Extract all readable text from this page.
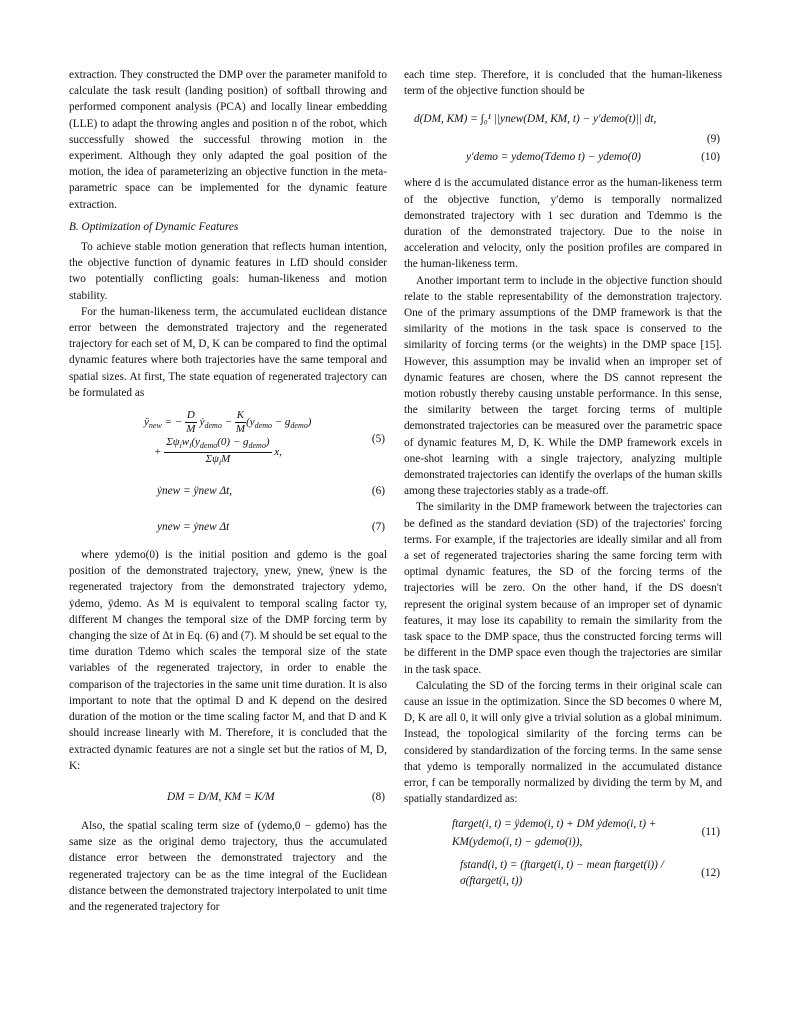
extraction. They constructed the DMP over the parameter manifold to calculate the task result (landing position) of softball throwing and performed component analysis (PCA) and locally linear embedding (LLE) to adapt the throwing angles and position n of the robot, which successfully showed the successful throwing motion in the experiment. Although they only adapted the goal position of the motion, the idea of parameterizing an objective function in the meta-parametric space can be implemented for the dynamic feature extraction.

B. Optimization of Dynamic Features

To achieve stable motion generation that reflects human intention, the objective function of dynamic features in LfD should consider two potentially conflicting goals: human-likeness and motion stability.

For the human-likeness term, the accumulated euclidean distance error between the demonstrated trajectory and the regenerated trajectory for each set of M, D, K can be compared to find the optimal dynamic features where both trajectories have the same temporal and spatial sizes. At first, The state equation of regenerated trajectory can be formulated as

$ÿ_{new}$ = − $\frac{D}{M}$ ẏ$_{demo}$ − $\frac{K}{M} (y_{demo} - g_{demo})$
+
$\Sigma\psi_iw_i(y_{demo}(0) - g_{demo})$
$\Sigma\psi_iM$
x,
(5)
ẏnew = ÿnew Δt,	(6)
ynew = ẏnew Δt	(7)

where ydemo(0) is the initial position and gdemo is the goal position of the demonstrated trajectory, ynew, ẏnew, ÿnew is the regenerated trajectory from the demonstrated trajectory ydemo, ẏdemo, ÿdemo. As M is equivalent to temporal scaling factor τy, different M changes the temporal size of the DMP forcing term by changing the size of Δt in Eq. (6) and (7). M should be set equal to the time duration Tdemo which scales the temporal size of the state variables of the regenerated trajectory, in order to enable the comparison of the trajectories in the same unit time duration. It is also important to note that the optimal D and K depend on the desired duration of the motion or the time scaling factor M, and that D and K should increase linearly with M. Therefore, it is concluded that the extracted dynamic features are not a single set but the ratios of M, D, K:

DM = D/M, KM = K/M	(8)

Also, the spatial scaling term size of (ydemo,0 − gdemo) has the same size as the original demo trajectory, thus the accumulated distance error between the demonstrated trajectory and the regenerated trajectory can be as the time integral of the Euclidean distance between the demonstrated trajectory interpolated to unit time and the regenerated trajectory for

each time step. Therefore, it is concluded that the human-likeness term of the objective function should be

d(DM, KM) = ∫₀¹ ||ynew(DM, KM, t) − y′demo(t)|| dt,
(9)
y′demo = ydemo(Tdemo t) − ydemo(0)	(10)

where d is the accumulated distance error as the human-likeness term of the objective function, y′demo is temporally normalized demonstrated trajectory with 1 sec duration and Tdemmo is the duration of the demonstrated trajectory. Due to the noise in acceleration and velocity, only the position profiles are compared in the human-likeness term.

Another important term to include in the objective function should relate to the stable representability of the demonstration trajectory. One of the primary assumptions of the DMP framework is that the similarity of the motions in the task space is conserved to the similarity of forcing terms (or the weights) in the DMP space [15]. However, this assumption may be invalid when an improper set of dynamic features are chosen, where the DS cannot represent the motion robustly thereby causing unstable performance. In this sense, the similarity between the target forcing terms of multiple demonstrated trajectories can be measured over the parametric space of dynamic features M, D, K. While the DMP framework excels in one-shot learning with a single trajectory, analyzing multiple demonstrated trajectories can identify the overlaps of the human skills among these trajectories stably as a trade-off.

The similarity in the DMP framework between the trajectories can be defined as the standard deviation (SD) of the trajectories' forcing terms. For example, if the trajectories are ideally similar and all from a set of regenerated trajectories sharing the same forcing term with optimal dynamic features, the SD of the forcing terms of the trajectories will be zero. On the other hand, if the DS doesn't represent the original system because of an improper set of dynamic features, it may lose its capability to remain the similarity from the task space to the DMP space, thus the constructed forcing terms will be different in the DMP space even though the trajectories are similar in the task space.

Calculating the SD of the forcing terms in their original scale can cause an issue in the optimization. Since the SD becomes 0 where M, D, K are all 0, it will only give a trivial solution as a global minimum. Instead, the topological similarity of the forcing terms can be considered by standardization of the forcing terms. In the same sense that ydemo is temporally normalized in the accumulated distance error, f can be temporally normalized by dividing the term by M, and spatially standardized as:

ftarget(i, t) = ÿdemo(i, t) + DM ẏdemo(i, t) + KM(ydemo(i, t) − gdemo(i)),
(11)
fstand(i, t) = (ftarget(i, t) − mean ftarget(i)) / σ(ftarget(i, t))
(12)
